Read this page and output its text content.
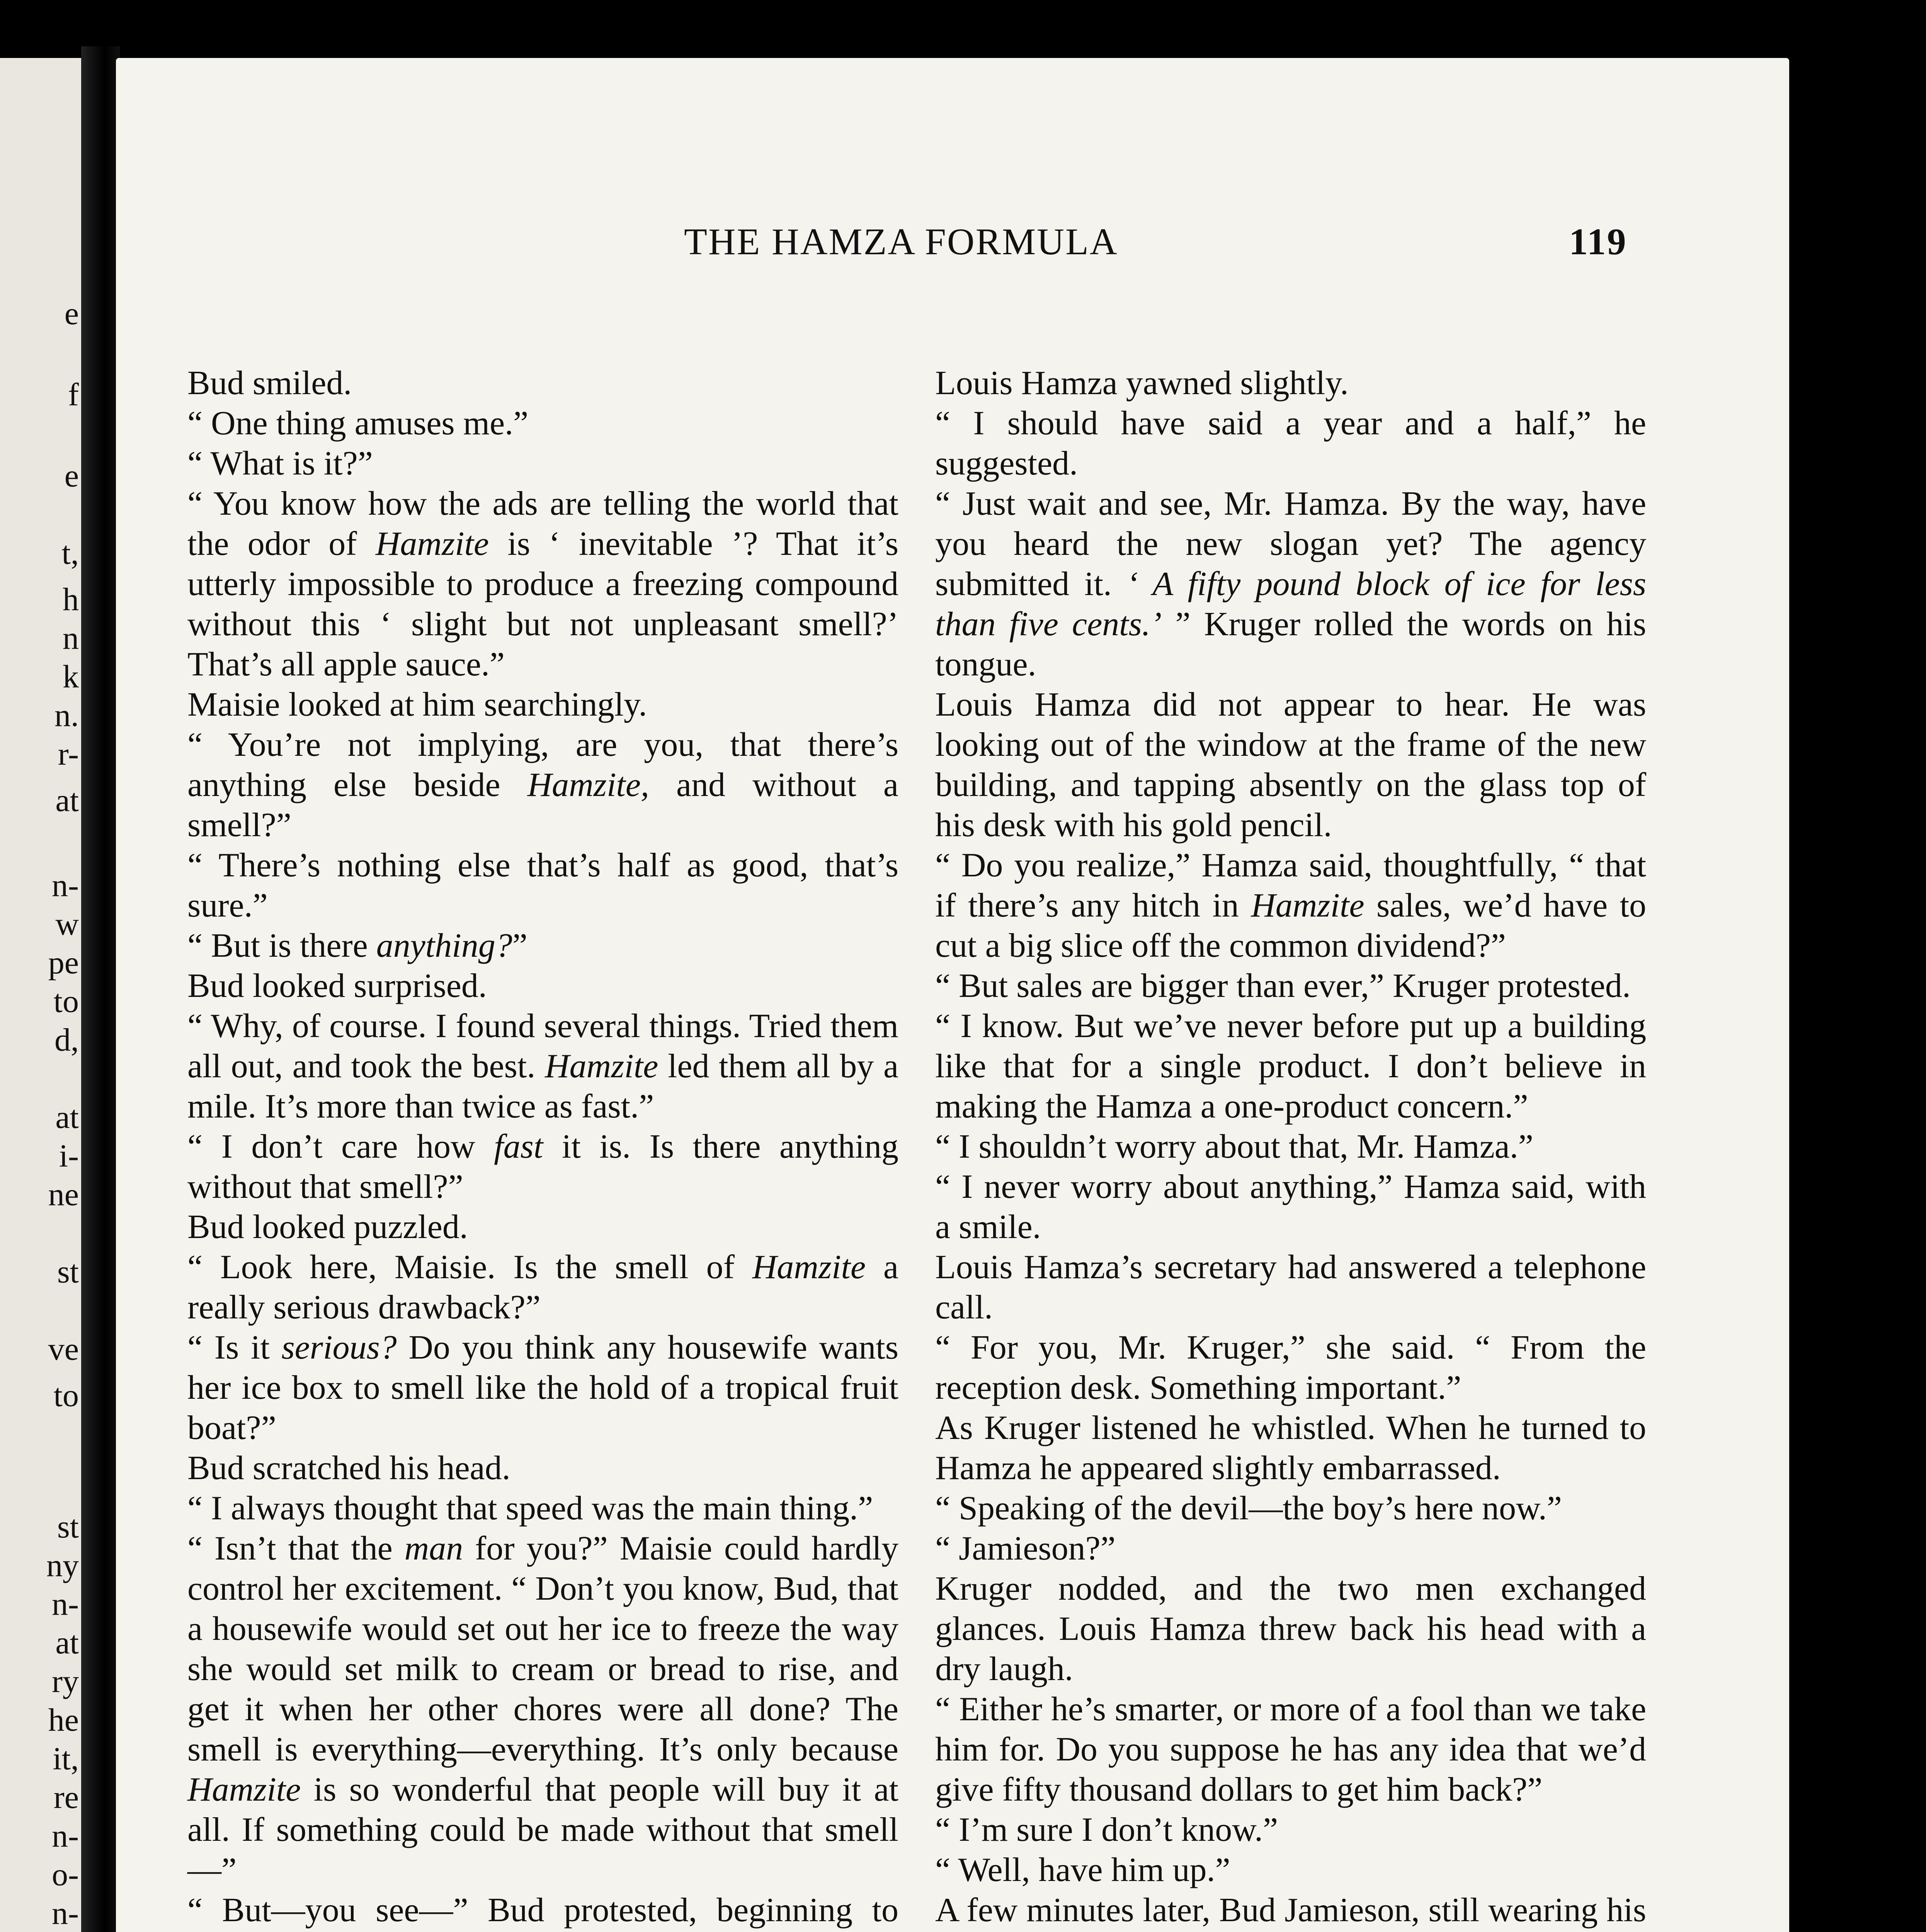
e
f
e
t,
h
n
k
n.
r-
at
n-
w
pe
to
d,
at
i-
ne
st
ve
to
st
ny
n-
at
ry
he
it,
re
n-
o-
n-
THE HAMZA FORMULA	119

Bud smiled.

“ One thing amuses me.”

“ What is it?”

“ You know how the ads are telling the world that the odor of Hamzite is ‘ inevitable ’? That it’s utterly impossible to produce a freezing compound without this ‘ slight but not unpleasant smell?’ That’s all apple sauce.”

Maisie looked at him searchingly.

“ You’re not implying, are you, that there’s anything else beside Hamzite, and without a smell?”

“ There’s nothing else that’s half as good, that’s sure.”

“ But is there anything?”

Bud looked surprised.

“ Why, of course. I found several things. Tried them all out, and took the best. Hamzite led them all by a mile. It’s more than twice as fast.”

“ I don’t care how fast it is. Is there anything without that smell?”

Bud looked puzzled.

“ Look here, Maisie. Is the smell of Hamzite a really serious drawback?”

“ Is it serious? Do you think any housewife wants her ice box to smell like the hold of a tropical fruit boat?”

Bud scratched his head.

“ I always thought that speed was the main thing.”

“ Isn’t that the man for you?” Maisie could hardly control her excitement. “ Don’t you know, Bud, that a housewife would set out her ice to freeze the way she would set milk to cream or bread to rise, and get it when her other chores were all done? The smell is everything—everything. It’s only because Hamzite is so wonderful that people will buy it at all. If something could be made without that smell—”

“ But—you see—” Bud protested, beginning to

Louis Hamza yawned slightly.

“ I should have said a year and a half,” he suggested.

“ Just wait and see, Mr. Hamza. By the way, have you heard the new slogan yet? The agency submitted it. ‘ A fifty pound block of ice for less than five cents.’ ” Kruger rolled the words on his tongue.

Louis Hamza did not appear to hear. He was looking out of the window at the frame of the new building, and tapping absently on the glass top of his desk with his gold pencil.

“ Do you realize,” Hamza said, thoughtfully, “ that if there’s any hitch in Hamzite sales, we’d have to cut a big slice off the common dividend?”

“ But sales are bigger than ever,” Kruger protested.

“ I know. But we’ve never before put up a building like that for a single product. I don’t believe in making the Hamza a one-product concern.”

“ I shouldn’t worry about that, Mr. Hamza.”

“ I never worry about anything,” Hamza said, with a smile.

Louis Hamza’s secretary had answered a telephone call.

“ For you, Mr. Kruger,” she said. “ From the reception desk. Something important.”

As Kruger listened he whistled. When he turned to Hamza he appeared slightly embarrassed.

“ Speaking of the devil—the boy’s here now.”

“ Jamieson?”

Kruger nodded, and the two men exchanged glances. Louis Hamza threw back his head with a dry laugh.

“ Either he’s smarter, or more of a fool than we take him for. Do you suppose he has any idea that we’d give fifty thousand dollars to get him back?”

“ I’m sure I don’t know.”

“ Well, have him up.”

A few minutes later, Bud Jamieson, still wearing his
